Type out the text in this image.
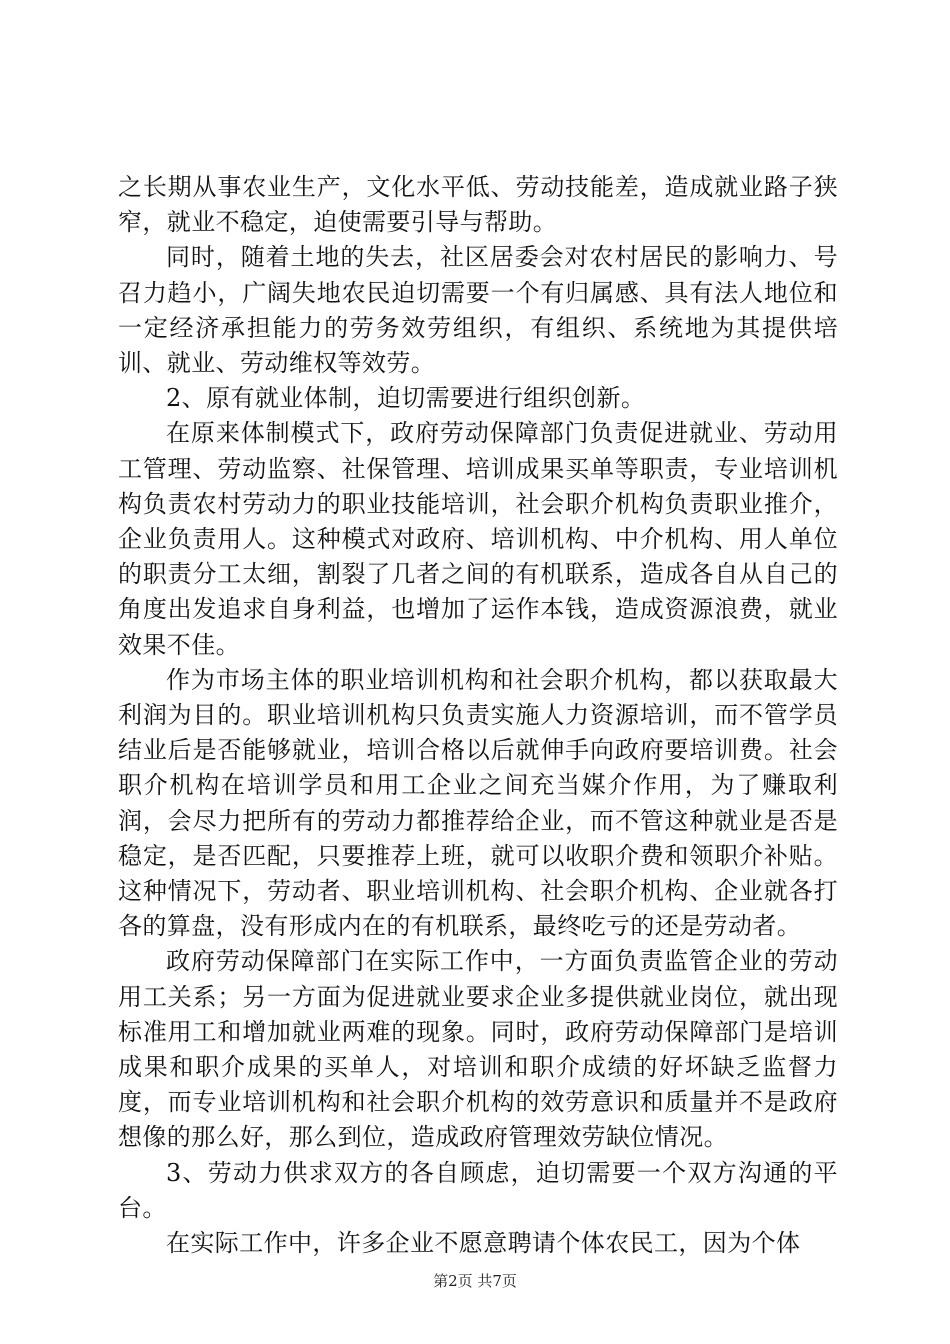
之长期从事农业生产，文化水平低、劳动技能差，造成就业路子狭窄，就业不稳定，迫使需要引导与帮助。

同时，随着土地的失去，社区居委会对农村居民的影响力、号召力趋小，广阔失地农民迫切需要一个有归属感、具有法人地位和一定经济承担能力的劳务效劳组织，有组织、系统地为其提供培训、就业、劳动维权等效劳。

2、原有就业体制，迫切需要进行组织创新。

在原来体制模式下，政府劳动保障部门负责促进就业、劳动用工管理、劳动监察、社保管理、培训成果买单等职责，专业培训机构负责农村劳动力的职业技能培训，社会职介机构负责职业推介，企业负责用人。这种模式对政府、培训机构、中介机构、用人单位的职责分工太细，割裂了几者之间的有机联系，造成各自从自己的角度出发追求自身利益，也增加了运作本钱，造成资源浪费，就业效果不佳。

作为市场主体的职业培训机构和社会职介机构，都以获取最大利润为目的。职业培训机构只负责实施人力资源培训，而不管学员结业后是否能够就业，培训合格以后就伸手向政府要培训费。社会职介机构在培训学员和用工企业之间充当媒介作用，为了赚取利润，会尽力把所有的劳动力都推荐给企业，而不管这种就业是否是稳定，是否匹配，只要推荐上班，就可以收职介费和领职介补贴。这种情况下，劳动者、职业培训机构、社会职介机构、企业就各打各的算盘，没有形成内在的有机联系，最终吃亏的还是劳动者。

政府劳动保障部门在实际工作中，一方面负责监管企业的劳动用工关系；另一方面为促进就业要求企业多提供就业岗位，就出现标准用工和增加就业两难的现象。同时，政府劳动保障部门是培训成果和职介成果的买单人，对培训和职介成绩的好坏缺乏监督力度，而专业培训机构和社会职介机构的效劳意识和质量并不是政府想像的那么好，那么到位，造成政府管理效劳缺位情况。

3、劳动力供求双方的各自顾虑，迫切需要一个双方沟通的平台。

在实际工作中，许多企业不愿意聘请个体农民工，因为个体

第2页 共7页
